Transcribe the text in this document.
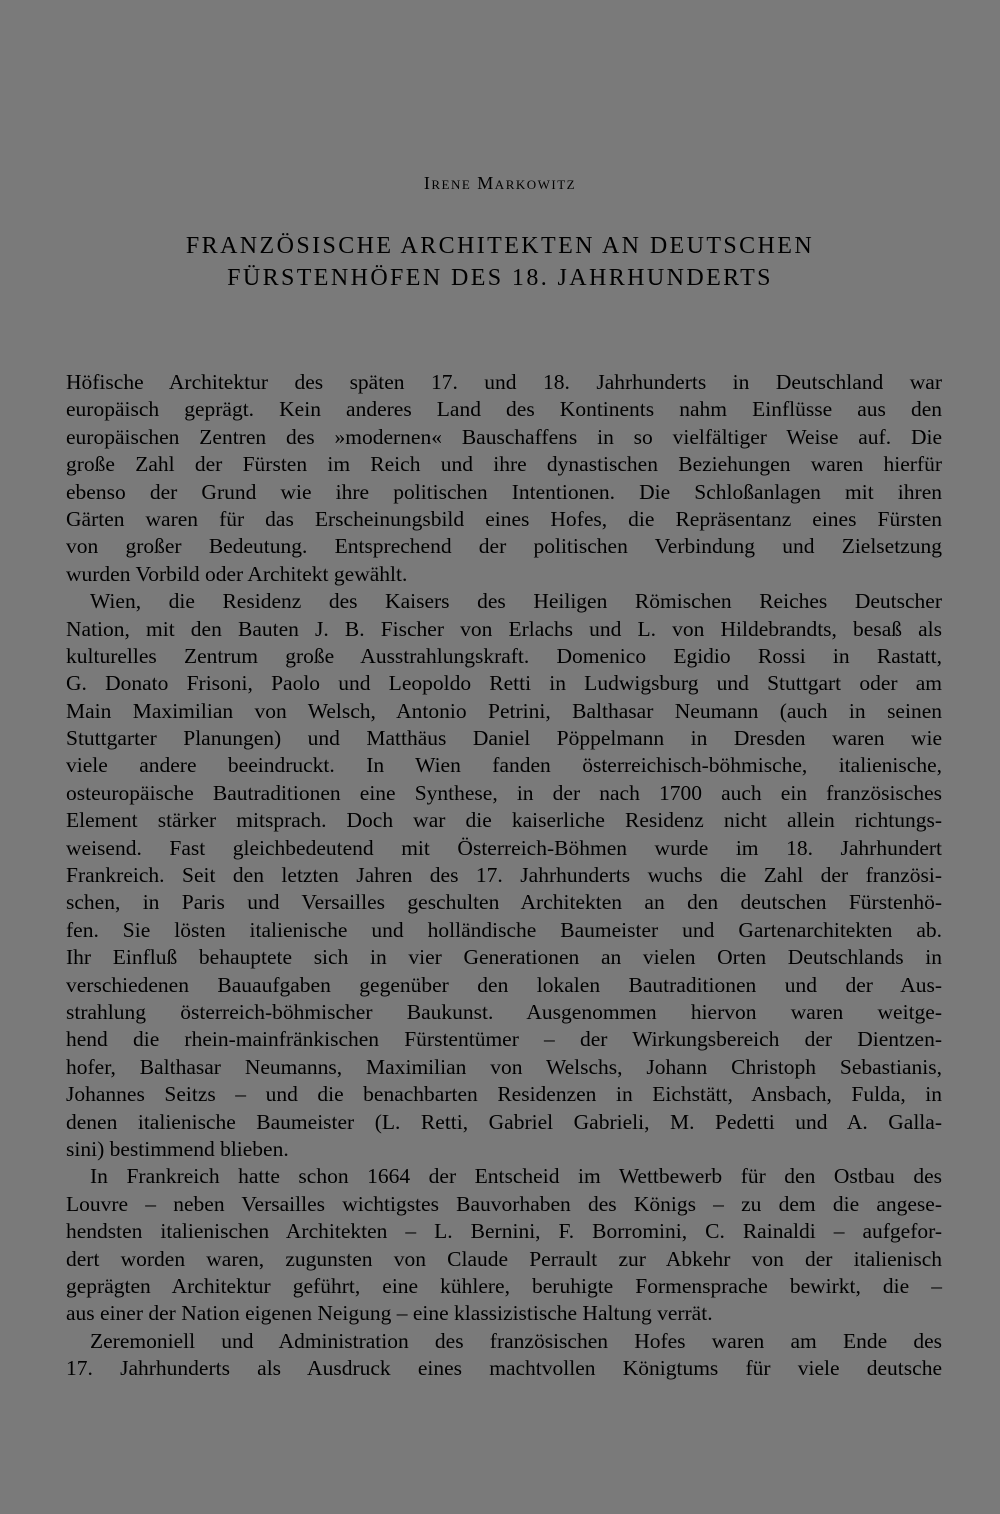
Irene Markowitz
FRANZÖSISCHE ARCHITEKTEN AN DEUTSCHEN
FÜRSTENHÖFEN DES 18. JAHRHUNDERTS
Höfische Architektur des späten 17. und 18. Jahrhunderts in Deutschland war
europäisch geprägt. Kein anderes Land des Kontinents nahm Einflüsse aus den
europäischen Zentren des »modernen« Bauschaffens in so vielfältiger Weise auf. Die
große Zahl der Fürsten im Reich und ihre dynastischen Beziehungen waren hierfür
ebenso der Grund wie ihre politischen Intentionen. Die Schloßanlagen mit ihren
Gärten waren für das Erscheinungsbild eines Hofes, die Repräsentanz eines Fürsten
von großer Bedeutung. Entsprechend der politischen Verbindung und Zielsetzung
wurden Vorbild oder Architekt gewählt.
Wien, die Residenz des Kaisers des Heiligen Römischen Reiches Deutscher
Nation, mit den Bauten J. B. Fischer von Erlachs und L. von Hildebrandts, besaß als
kulturelles Zentrum große Ausstrahlungskraft. Domenico Egidio Rossi in Rastatt,
G. Donato Frisoni, Paolo und Leopoldo Retti in Ludwigsburg und Stuttgart oder am
Main Maximilian von Welsch, Antonio Petrini, Balthasar Neumann (auch in seinen
Stuttgarter Planungen) und Matthäus Daniel Pöppelmann in Dresden waren wie
viele andere beeindruckt. In Wien fanden österreichisch-böhmische, italienische,
osteuropäische Bautraditionen eine Synthese, in der nach 1700 auch ein französisches
Element stärker mitsprach. Doch war die kaiserliche Residenz nicht allein richtungs-
weisend. Fast gleichbedeutend mit Österreich-Böhmen wurde im 18. Jahrhundert
Frankreich. Seit den letzten Jahren des 17. Jahrhunderts wuchs die Zahl der französi-
schen, in Paris und Versailles geschulten Architekten an den deutschen Fürstenhö-
fen. Sie lösten italienische und holländische Baumeister und Gartenarchitekten ab.
Ihr Einfluß behauptete sich in vier Generationen an vielen Orten Deutschlands in
verschiedenen Bauaufgaben gegenüber den lokalen Bautraditionen und der Aus-
strahlung österreich-böhmischer Baukunst. Ausgenommen hiervon waren weitge-
hend die rhein-mainfränkischen Fürstentümer – der Wirkungsbereich der Dientzen-
hofer, Balthasar Neumanns, Maximilian von Welschs, Johann Christoph Sebastianis,
Johannes Seitzs – und die benachbarten Residenzen in Eichstätt, Ansbach, Fulda, in
denen italienische Baumeister (L. Retti, Gabriel Gabrieli, M. Pedetti und A. Galla-
sini) bestimmend blieben.
In Frankreich hatte schon 1664 der Entscheid im Wettbewerb für den Ostbau des
Louvre – neben Versailles wichtigstes Bauvorhaben des Königs – zu dem die angese-
hendsten italienischen Architekten – L. Bernini, F. Borromini, C. Rainaldi – aufgefor-
dert worden waren, zugunsten von Claude Perrault zur Abkehr von der italienisch
geprägten Architektur geführt, eine kühlere, beruhigte Formensprache bewirkt, die –
aus einer der Nation eigenen Neigung – eine klassizistische Haltung verrät.
Zeremoniell und Administration des französischen Hofes waren am Ende des
17. Jahrhunderts als Ausdruck eines machtvollen Königtums für viele deutsche
